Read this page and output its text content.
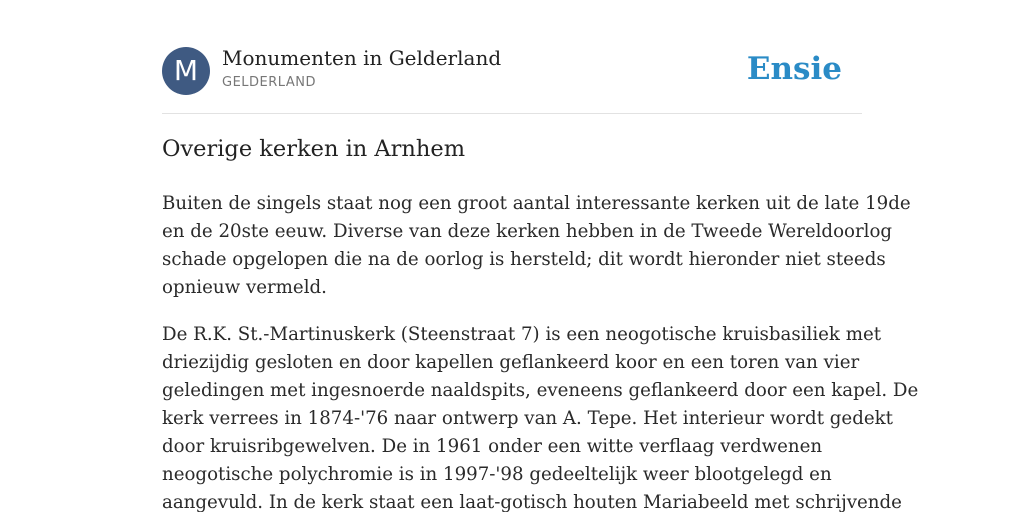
M	Monumenten in Gelderland
GELDERLAND	Ensie
Overige kerken in Arnhem

Buiten de singels staat nog een groot aantal interessante kerken uit de late 19de
en de 20ste eeuw. Diverse van deze kerken hebben in de Tweede Wereldoorlog
schade opgelopen die na de oorlog is hersteld; dit wordt hieronder niet steeds
opnieuw vermeld.

De R.K. St.-Martinuskerk (Steenstraat 7) is een neogotische kruisbasiliek met
driezijdig gesloten en door kapellen geflankeerd koor en een toren van vier
geledingen met ingesnoerde naaldspits, eveneens geflankeerd door een kapel. De
kerk verrees in 1874-'76 naar ontwerp van A. Tepe. Het interieur wordt gedekt
door kruisribgewelven. De in 1961 onder een witte verflaag verdwenen
neogotische polychromie is in 1997-'98 gedeeltelijk weer blootgelegd en
aangevuld. In de kerk staat een laat-gotisch houten Mariabeeld met schrijvende
